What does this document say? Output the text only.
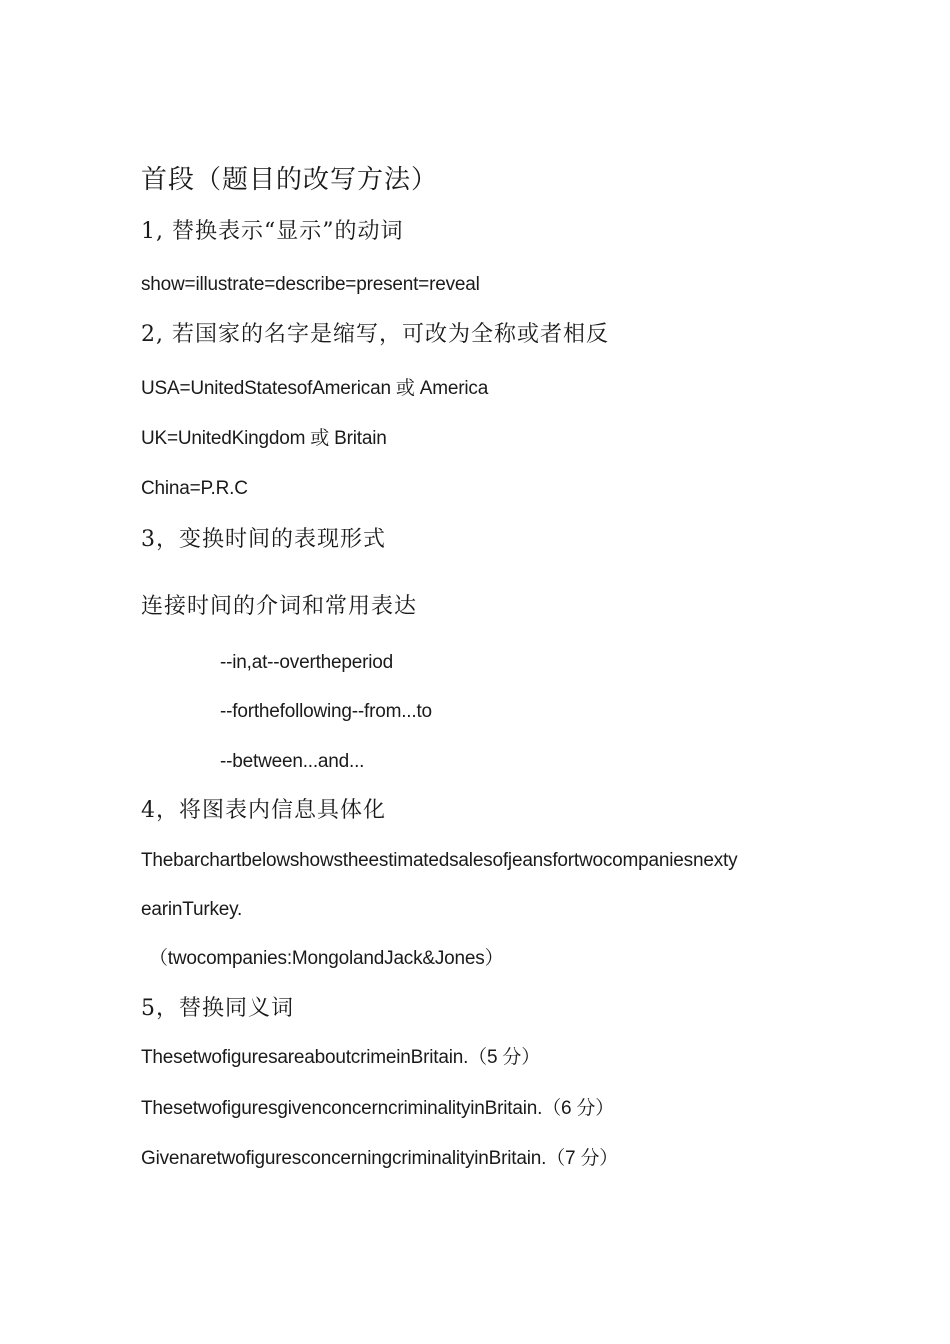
首段（题目的改写方法）
1, 替换表示“显示”的动词
show=illustrate=describe=present=reveal
2, 若国家的名字是缩写，可改为全称或者相反
USA=UnitedStatesofAmerican 或 America
UK=UnitedKingdom 或 Britain
China=P.R.C
3，变换时间的表现形式
连接时间的介词和常用表达
--in,at--overtheperiod
--forthefollowing--from...to
--between...and...
4，将图表内信息具体化
Thebarchartbelowshowstheestimatedsalesofjeansfortwocompaniesnexty
earinTurkey.
（twocompanies:MongolandJack&Jones）
5，替换同义词
ThesetwofiguresareaboutcrimeinBritain.（5 分）
ThesetwofiguresgivenconcerncriminalityinBritain.（6 分）
GivenaretwofiguresconcerningcriminalityinBritain.（7 分）
